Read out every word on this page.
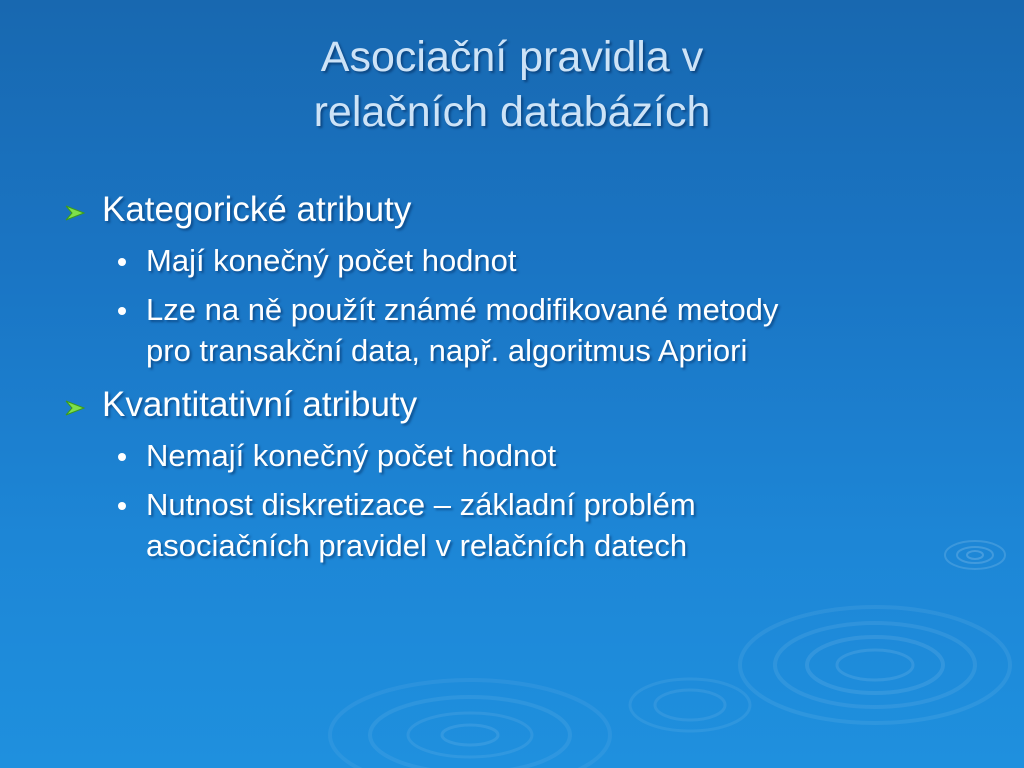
Asociační pravidla v
relačních databázích
Kategorické atributy
Mají konečný počet hodnot
Lze na ně použít známé modifikované metody
pro transakční data, např. algoritmus Apriori
Kvantitativní atributy
Nemají konečný počet hodnot
Nutnost diskretizace – základní problém
asociačních pravidel v relačních datech
